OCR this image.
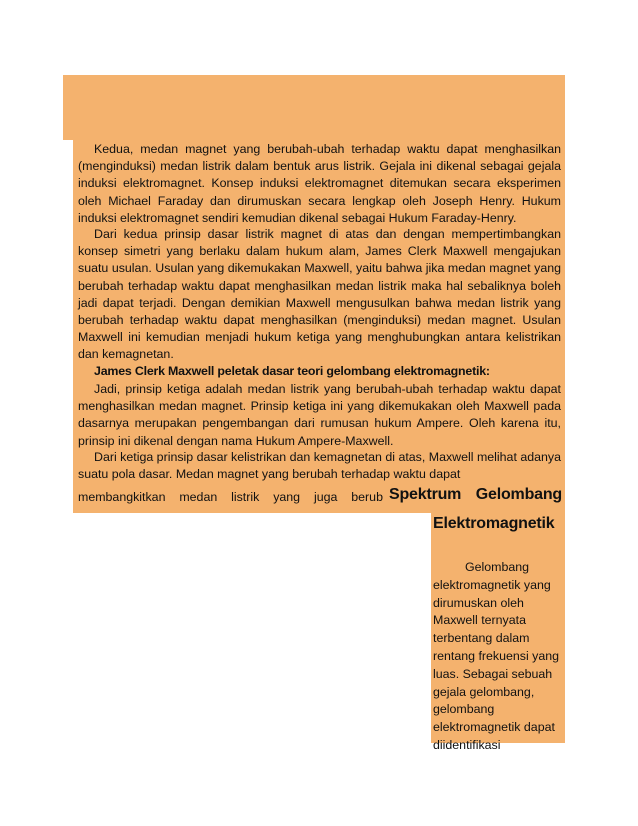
Kedua, medan magnet yang berubah-ubah terhadap waktu dapat menghasilkan (menginduksi) medan listrik dalam bentuk arus listrik. Gejala ini dikenal sebagai gejala induksi elektromagnet. Konsep induksi elektromagnet ditemukan secara eksperimen oleh Michael Faraday dan dirumuskan secara lengkap oleh Joseph Henry. Hukum induksi elektromagnet sendiri kemudian dikenal sebagai Hukum Faraday-Henry.

Dari kedua prinsip dasar listrik magnet di atas dan dengan mempertimbangkan konsep simetri yang berlaku dalam hukum alam, James Clerk Maxwell mengajukan suatu usulan. Usulan yang dikemukakan Maxwell, yaitu bahwa jika medan magnet yang berubah terhadap waktu dapat menghasilkan medan listrik maka hal sebaliknya boleh jadi dapat terjadi. Dengan demikian Maxwell mengusulkan bahwa medan listrik yang berubah terhadap waktu dapat menghasilkan (menginduksi) medan magnet. Usulan Maxwell ini kemudian menjadi hukum ketiga yang menghubungkan antara kelistrikan dan kemagnetan.

James Clerk Maxwell peletak dasar teori gelombang elektromagnetik:

Jadi, prinsip ketiga adalah medan listrik yang berubah-ubah terhadap waktu dapat menghasilkan medan magnet. Prinsip ketiga ini yang dikemukakan oleh Maxwell pada dasarnya merupakan pengembangan dari rumusan hukum Ampere. Oleh karena itu, prinsip ini dikenal dengan nama Hukum Ampere-Maxwell.

Dari ketiga prinsip dasar kelistrikan dan kemagnetan di atas, Maxwell melihat adanya suatu pola dasar. Medan magnet yang berubah terhadap waktu dapat

membangkitkan medan listrik yang juga berub Spektrum Gelombang
Elektromagnetik

Gelombang elektromagnetik yang dirumuskan oleh Maxwell ternyata terbentang dalam rentang frekuensi yang luas. Sebagai sebuah gejala gelombang, gelombang elektromagnetik dapat diidentifikasi
